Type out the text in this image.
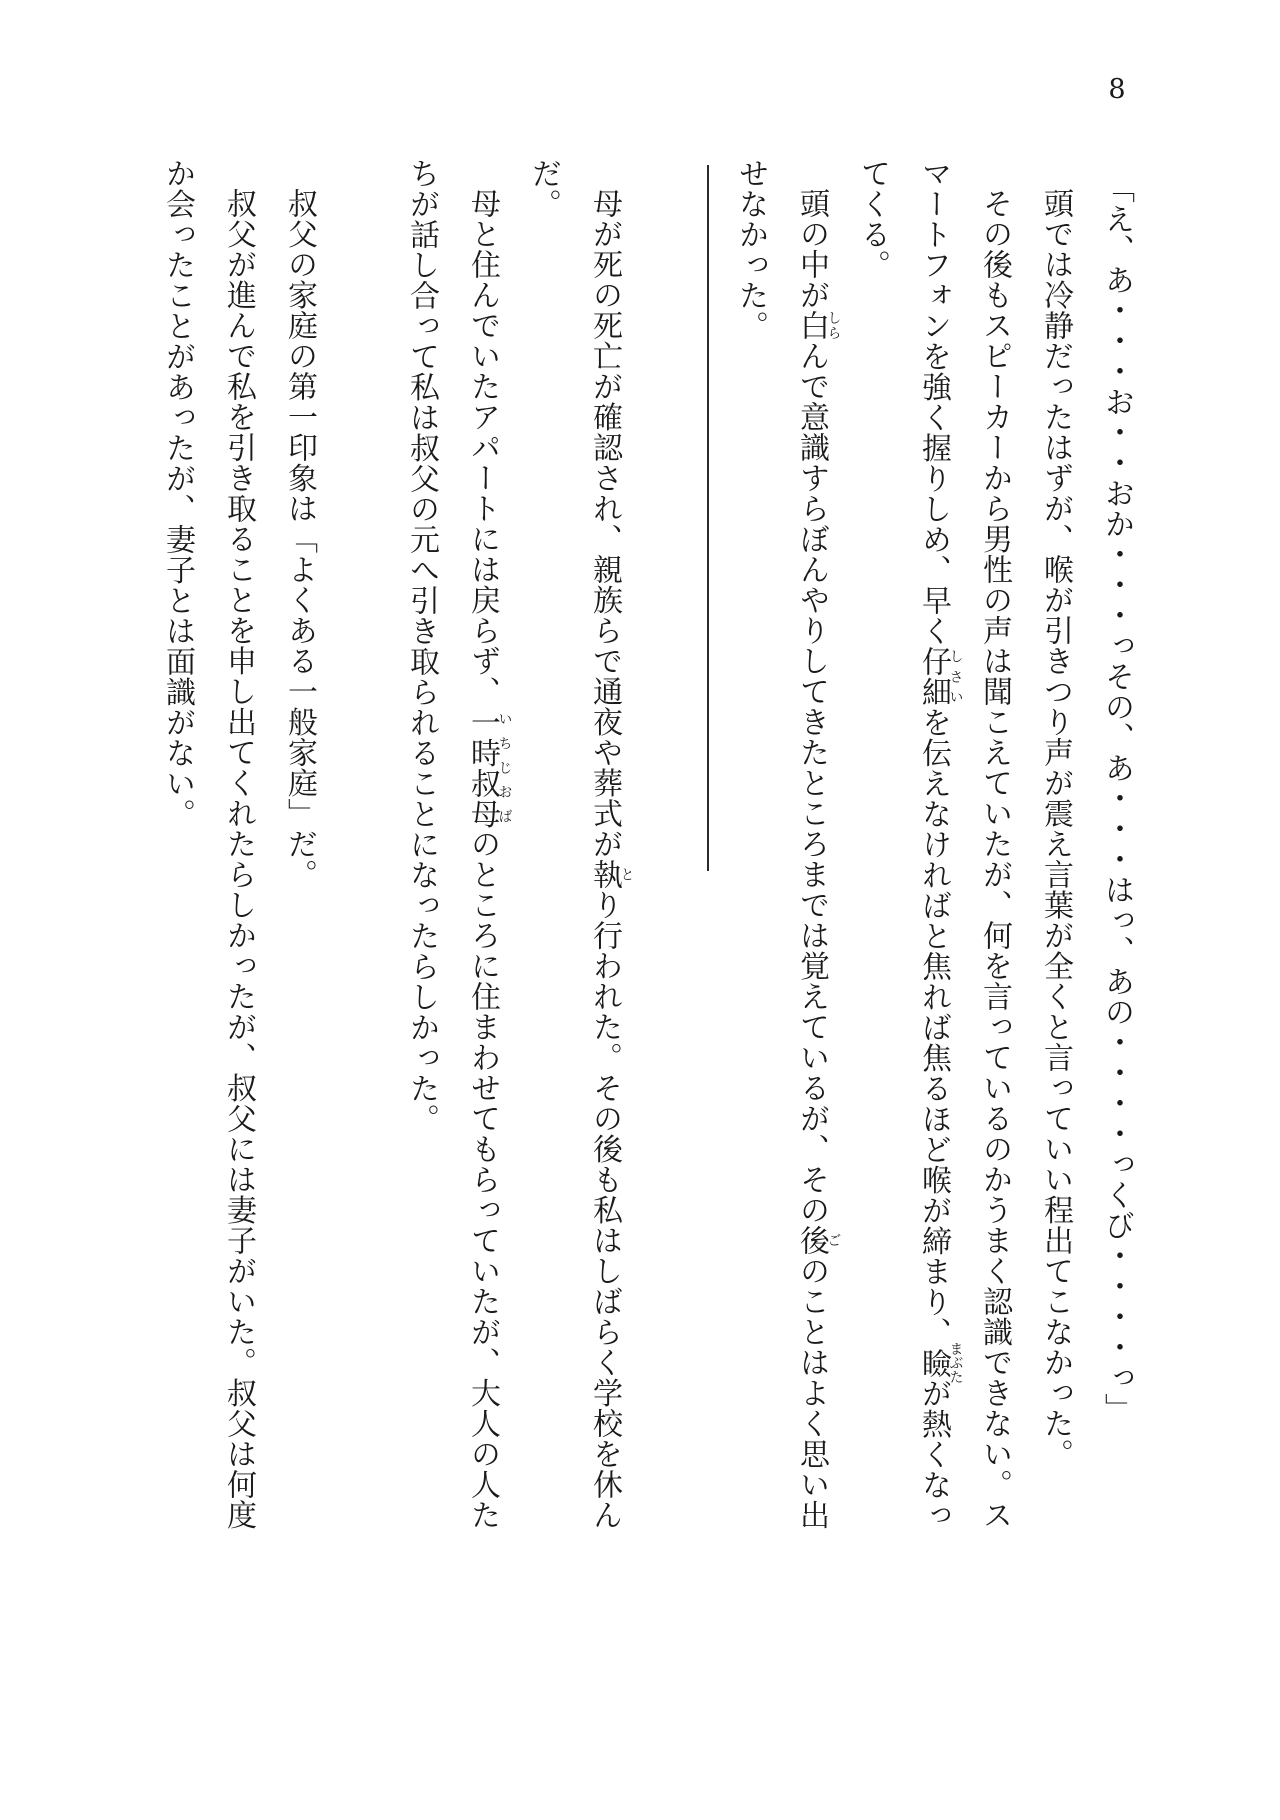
8
「え、あ・・・お・・おか・・・っその、あ・・・はっ、あの・・・・っくび・・・・っ」
頭では冷静だったはずが、喉が引きつり声が震え言葉が全くと言っていい程出てこなかった。
その後もスピーカーから男性の声は聞こえていたが、何を言っているのかうまく認識できない。ス
マートフォンを強く握りしめ、早く仔細しさいを伝えなければと焦れば焦るほど喉が締まり、瞼まぶたが熱くなっ
てくる。
頭の中が白しらんで意識すらぼんやりしてきたところまでは覚えているが、その後ごのことはよく思い出
せなかった。
母が死の死亡が確認され、親族らで通夜や葬式が執とり行われた。その後も私はしばらく学校を休ん
だ。
母と住んでいたアパートには戻らず、一時叔母いちじおばのところに住まわせてもらっていたが、大人の人た
ちが話し合って私は叔父の元へ引き取られることになったらしかった。
叔父の家庭の第一印象は「よくある一般家庭」だ。
叔父が進んで私を引き取ることを申し出てくれたらしかったが、叔父には妻子がいた。叔父は何度
か会ったことがあったが、妻子とは面識がない。
